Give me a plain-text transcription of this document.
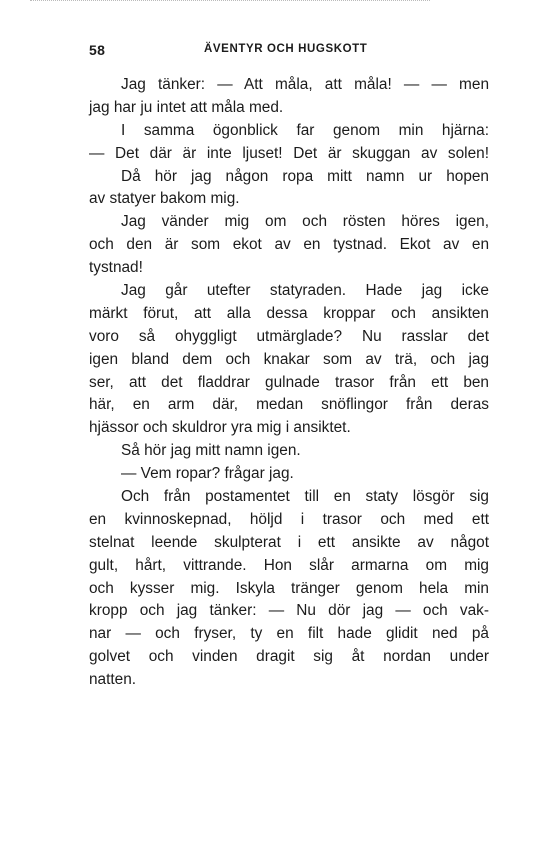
58	ÄVENTYR OCH HUGSKOTT
Jag tänker: — Att måla, att måla! — — men
jag har ju intet att måla med.
I samma ögonblick far genom min hjärna:
— Det där är inte ljuset! Det är skuggan av solen!
Då hör jag någon ropa mitt namn ur hopen
av statyer bakom mig.
Jag vänder mig om och rösten höres igen,
och den är som ekot av en tystnad. Ekot av en
tystnad!
Jag går utefter statyraden. Hade jag icke
märkt förut, att alla dessa kroppar och ansikten
voro så ohyggligt utmärglade? Nu rasslar det
igen bland dem och knakar som av trä, och jag
ser, att det fladdrar gulnade trasor från ett ben
här, en arm där, medan snöflingor från deras
hjässor och skuldror yra mig i ansiktet.
Så hör jag mitt namn igen.
— Vem ropar? frågar jag.
Och från postamentet till en staty lösgör sig
en kvinnoskepnad, höljd i trasor och med ett
stelnat leende skulpterat i ett ansikte av något
gult, hårt, vittrande. Hon slår armarna om mig
och kysser mig. Iskyla tränger genom hela min
kropp och jag tänker: — Nu dör jag — och vak-
nar — och fryser, ty en filt hade glidit ned på
golvet och vinden dragit sig åt nordan under
natten.
